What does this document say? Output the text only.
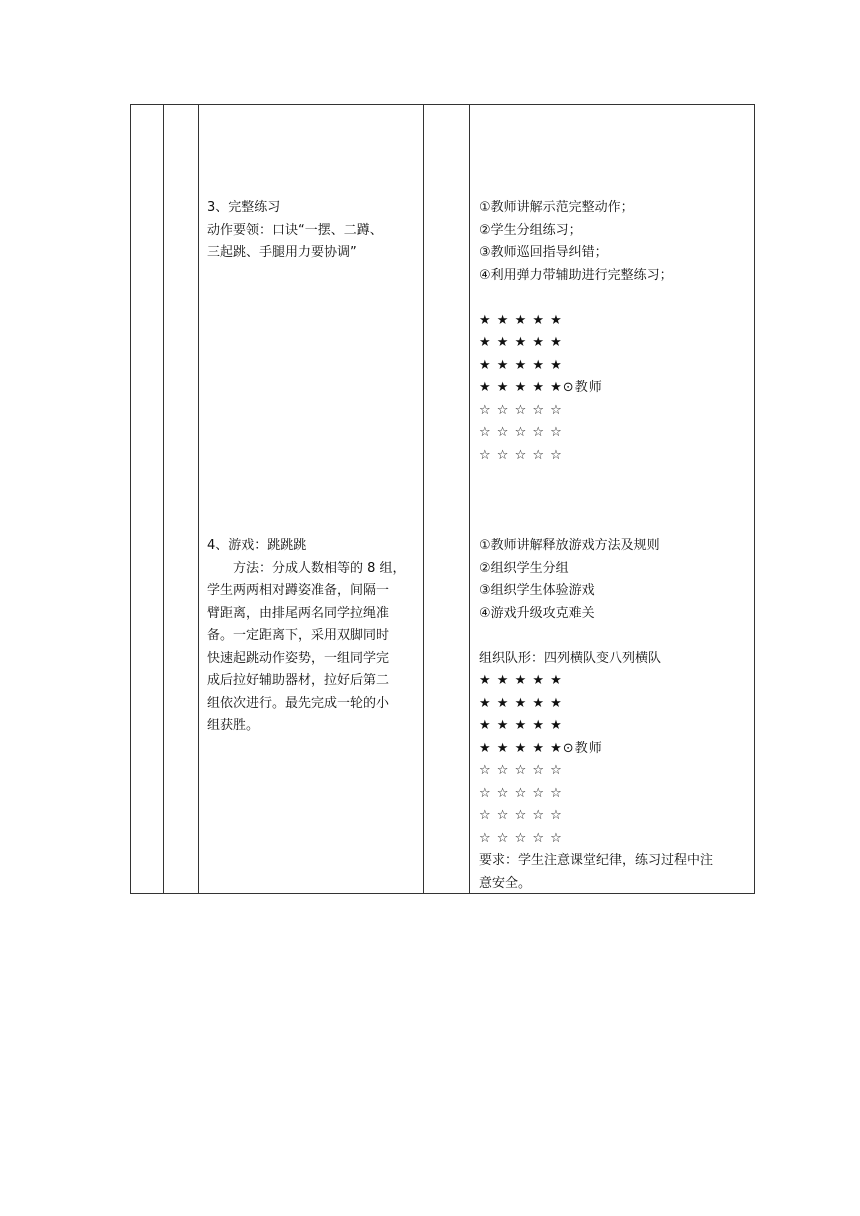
3、完整练习
动作要领：口诀“一摆、二蹲、
三起跳、手腿用力要协调”
①教师讲解示范完整动作；
②学生分组练习；
③教师巡回指导纠错；
④利用弹力带辅助进行完整练习；

★ ★ ★ ★ ★
★ ★ ★ ★ ★
★ ★ ★ ★ ★
★ ★ ★ ★ ★⊙教师
☆ ☆ ☆ ☆ ☆
☆ ☆ ☆ ☆ ☆
☆ ☆ ☆ ☆ ☆
4、游戏：跳跳跳
方法：分成人数相等的 8 组，
学生两两相对蹲姿准备，间隔一
臂距离，由排尾两名同学拉绳准
备。一定距离下，采用双脚同时
快速起跳动作姿势，一组同学完
成后拉好辅助器材，拉好后第二
组依次进行。最先完成一轮的小
组获胜。
①教师讲解释放游戏方法及规则
②组织学生分组
③组织学生体验游戏
④游戏升级攻克难关

组织队形：四列横队变八列横队
★ ★ ★ ★ ★
★ ★ ★ ★ ★
★ ★ ★ ★ ★
★ ★ ★ ★ ★⊙教师
☆ ☆ ☆ ☆ ☆
☆ ☆ ☆ ☆ ☆
☆ ☆ ☆ ☆ ☆
☆ ☆ ☆ ☆ ☆
要求：学生注意课堂纪律，练习过程中注
意安全。
